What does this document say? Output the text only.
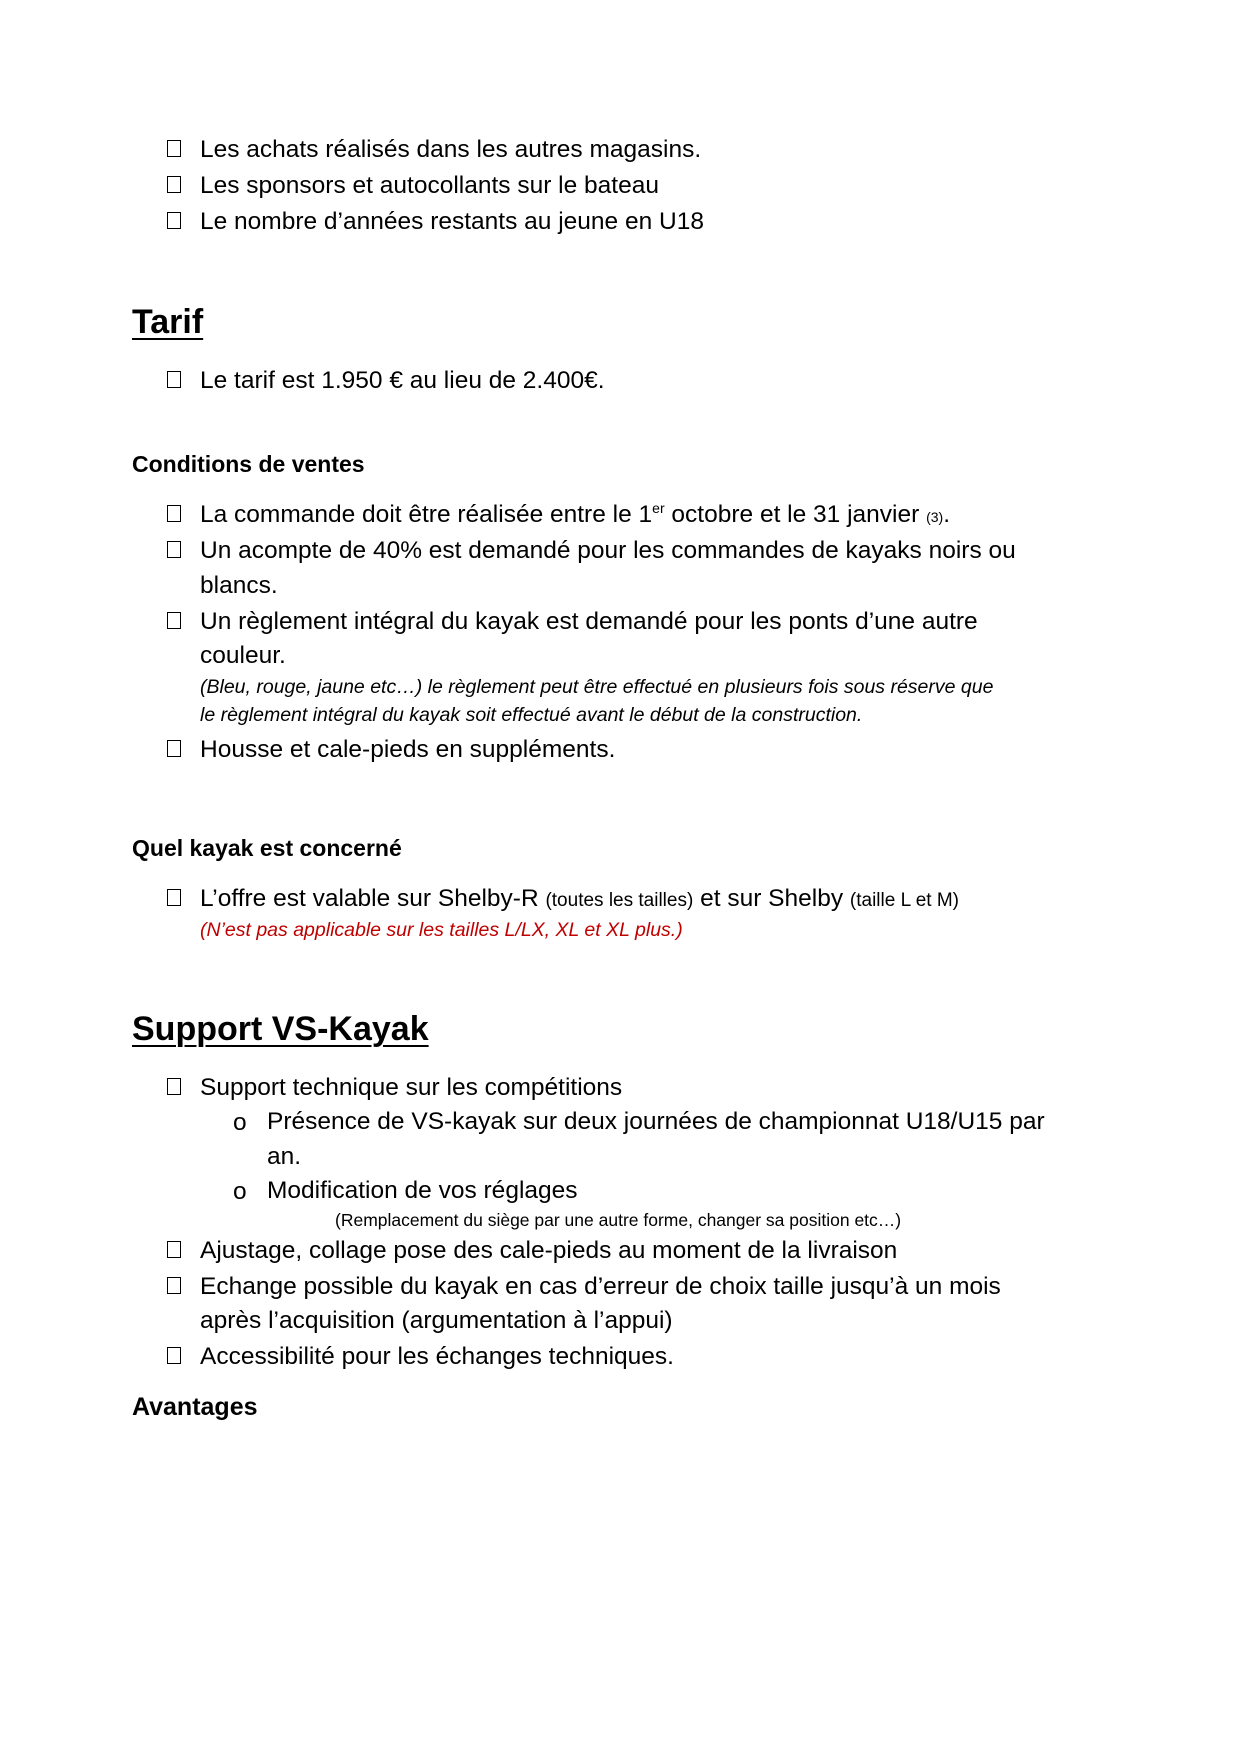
Les achats réalisés dans les autres magasins.
Les sponsors et autocollants sur le bateau
Le nombre d’années restants au jeune en U18
Tarif
Le tarif est 1.950 € au lieu de 2.400€.
Conditions de ventes
La commande doit être réalisée entre le 1er octobre et le 31 janvier (3).
Un acompte de 40% est demandé pour les commandes de kayaks noirs ou
blancs.
Un règlement intégral du kayak est demandé pour les ponts d’une autre
couleur.
(Bleu, rouge, jaune etc…) le règlement peut être effectué en plusieurs fois sous réserve que
le règlement intégral du kayak soit effectué avant le début de la construction.
Housse et cale-pieds en suppléments.
Quel kayak est concerné
L’offre est valable sur Shelby-R (toutes les tailles) et sur Shelby (taille L et M)
(N’est pas applicable sur les tailles L/LX, XL et XL plus.)
Support VS-Kayak
Support technique sur les compétitions
o Présence de VS-kayak sur deux journées de championnat U18/U15 par
an.
o Modification de vos réglages
(Remplacement du siège par une autre forme, changer sa position etc…)
Ajustage, collage pose des cale-pieds au moment de la livraison
Echange possible du kayak en cas d’erreur de choix taille jusqu’à un mois
après l’acquisition (argumentation à l’appui)
Accessibilité pour les échanges techniques.
Avantages
